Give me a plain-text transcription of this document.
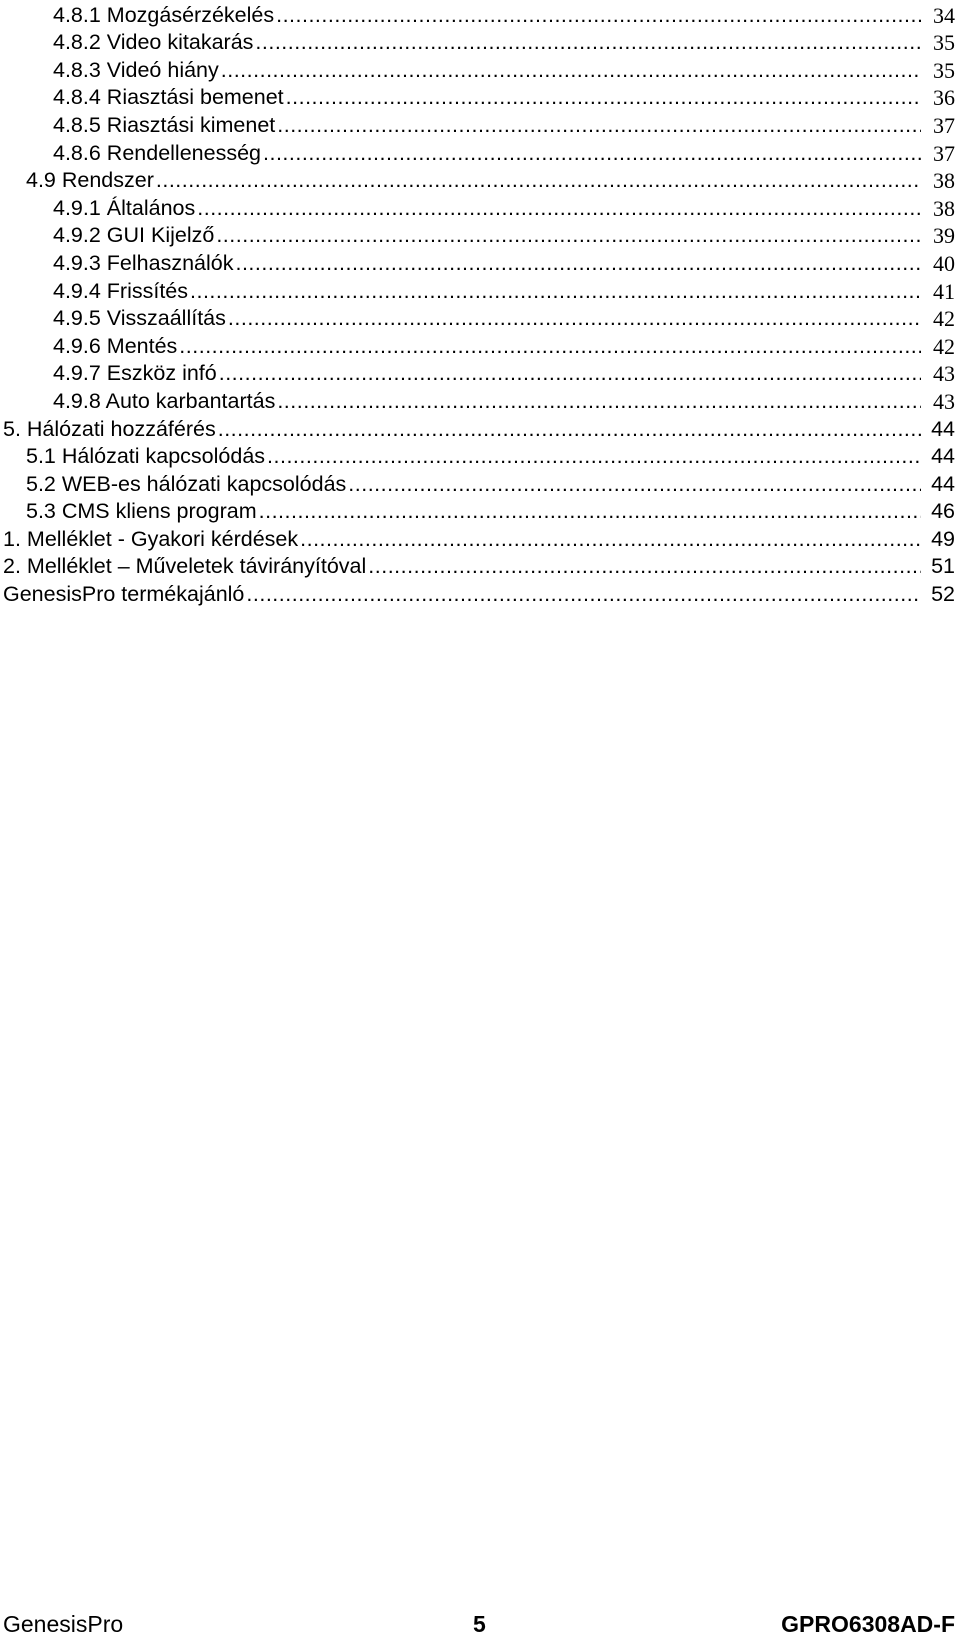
4.8.1 Mozgásérzékelés .....	34
4.8.2 Video kitakarás .....	35
4.8.3 Videó hiány .....	35
4.8.4 Riasztási bemenet .....	36
4.8.5 Riasztási kimenet .....	37
4.8.6 Rendellenesség .....	37
4.9 Rendszer .....	38
4.9.1 Általános .....	38
4.9.2 GUI Kijelző .....	39
4.9.3 Felhasználók .....	40
4.9.4 Frissítés .....	41
4.9.5 Visszaállítás .....	42
4.9.6 Mentés .....	42
4.9.7 Eszköz infó .....	43
4.9.8 Auto karbantartás .....	43
5. Hálózati hozzáférés .....	44
5.1 Hálózati kapcsolódás .....	44
5.2 WEB-es hálózati kapcsolódás .....	44
5.3 CMS kliens program .....	46
1. Melléklet - Gyakori kérdések .....	49
2. Melléklet – Műveletek távirányítóval .....	51
GenesisPro termékajánló .....	52
GenesisPro	5	GPRO6308AD-F
